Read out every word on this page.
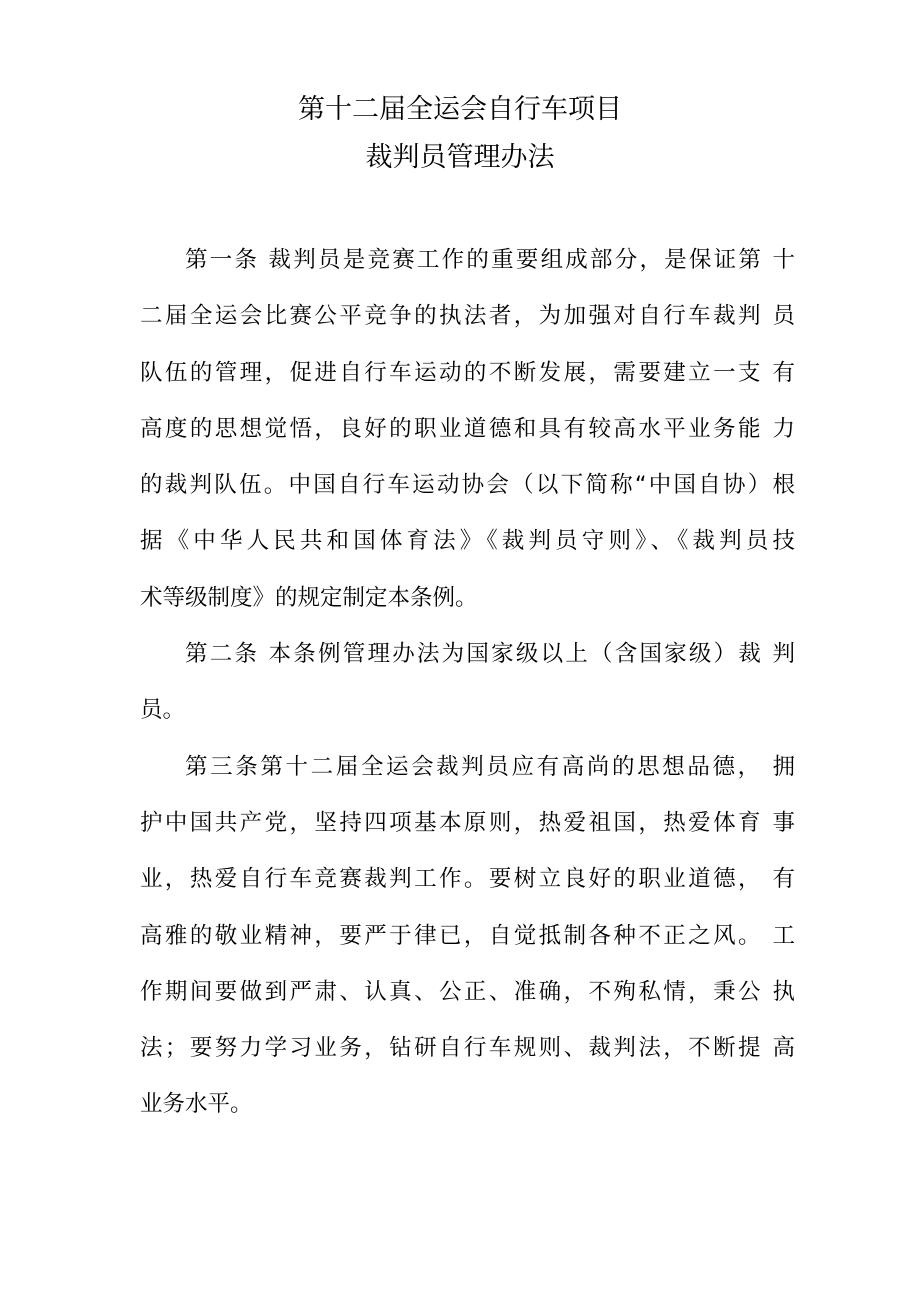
第十二届全运会自行车项目
裁判员管理办法
第一条 裁判员是竞赛工作的重要组成部分，是保证第 十
二届全运会比赛公平竞争的执法者，为加强对自行车裁判 员
队伍的管理，促进自行车运动的不断发展，需要建立一支 有
高度的思想觉悟，良好的职业道德和具有较高水平业务能 力
的裁判队伍。中国自行车运动协会（以下简称“中国自协）根
据《中华人民共和国体育法》《裁判员守则》、《裁判员技
术等级制度》的规定制定本条例。
第二条 本条例管理办法为国家级以上（含国家级）裁 判
员。
第三条第十二届全运会裁判员应有高尚的思想品德， 拥
护中国共产党，坚持四项基本原则，热爱祖国，热爱体育 事
业，热爱自行车竞赛裁判工作。要树立良好的职业道德， 有
高雅的敬业精神，要严于律已，自觉抵制各种不正之风。 工
作期间要做到严肃、认真、公正、准确，不殉私情，秉公 执
法；要努力学习业务，钻研自行车规则、裁判法，不断提 高
业务水平。
